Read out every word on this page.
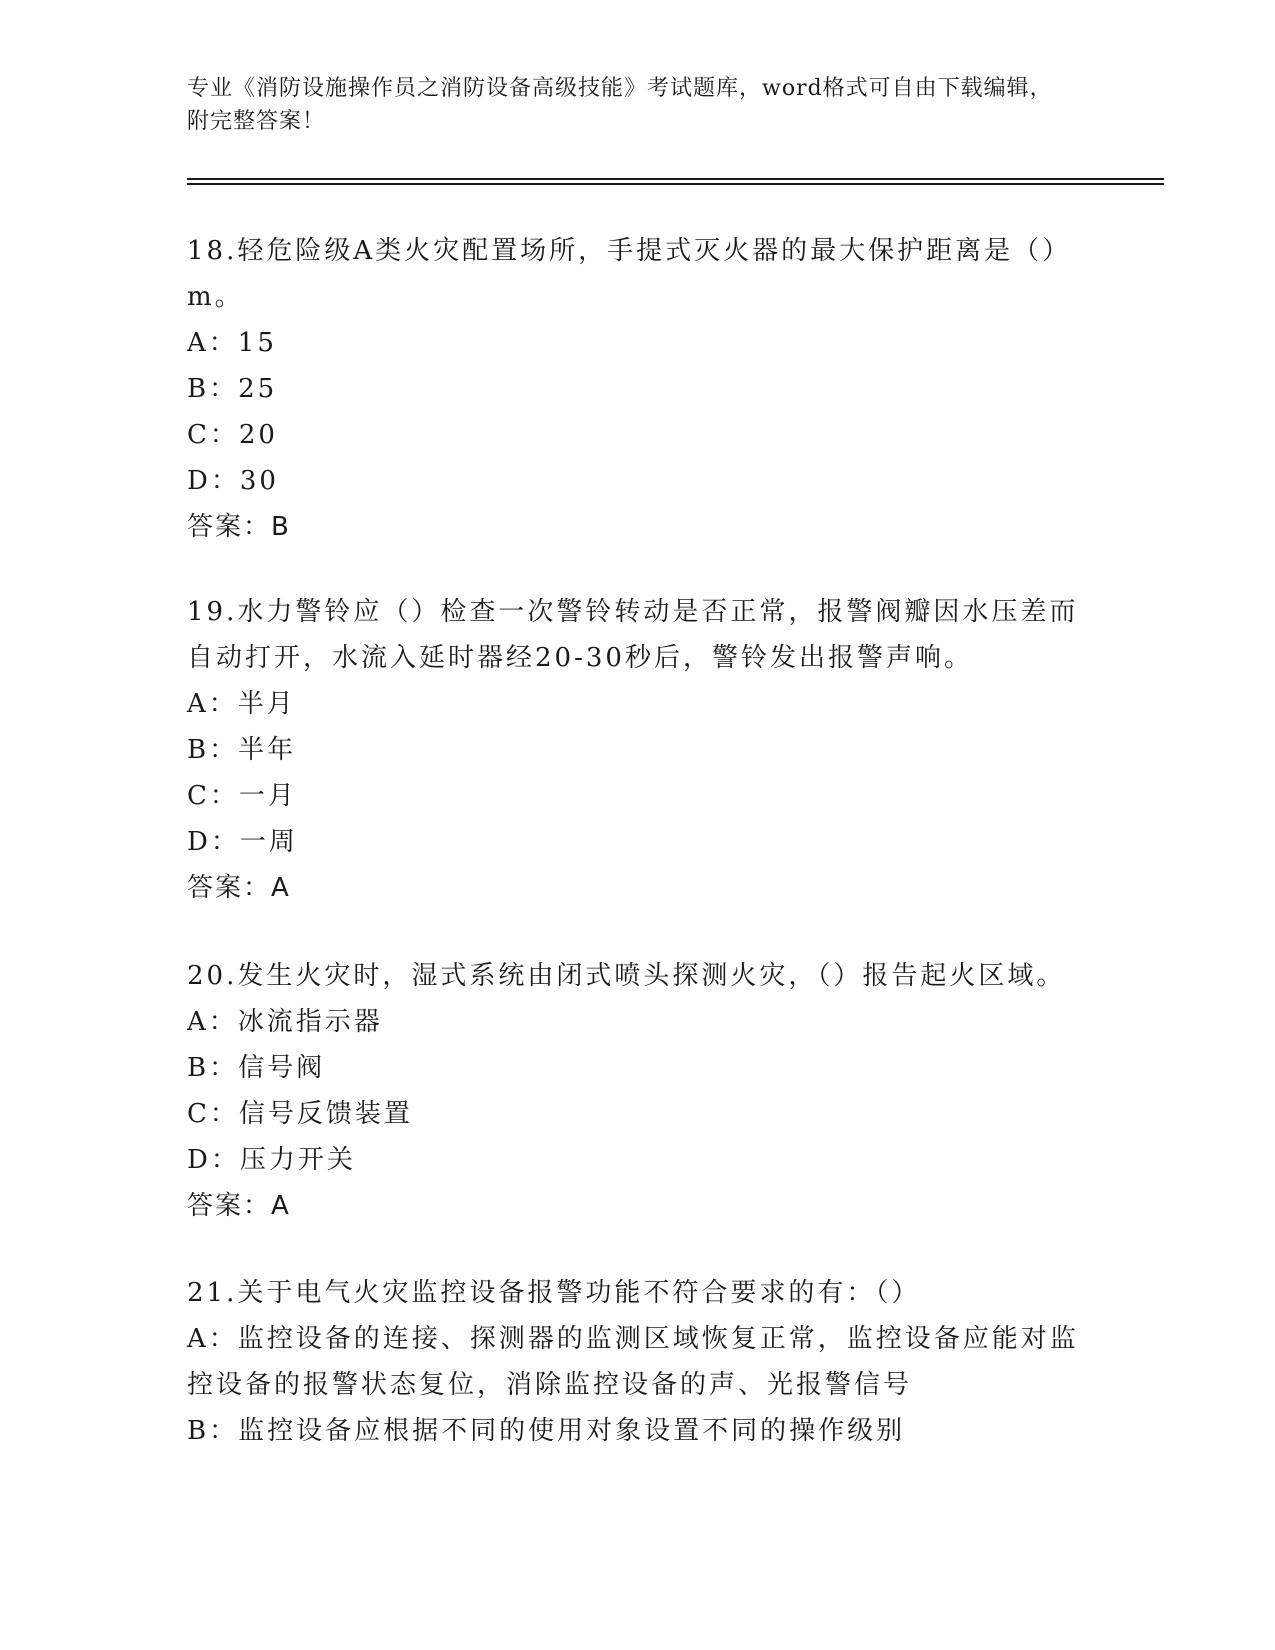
专业《消防设施操作员之消防设备高级技能》考试题库，word格式可自由下载编辑，附完整答案！
18.轻危险级A类火灾配置场所，手提式灭火器的最大保护距离是（）
m。
A：15
B：25
C：20
D：30
答案：B
19.水力警铃应（）检查一次警铃转动是否正常，报警阀瓣因水压差而
自动打开，水流入延时器经20-30秒后，警铃发出报警声响。
A：半月
B：半年
C：一月
D：一周
答案：A
20.发生火灾时，湿式系统由闭式喷头探测火灾，（）报告起火区域。
A：冰流指示器
B：信号阀
C：信号反馈装置
D：压力开关
答案：A
21.关于电气火灾监控设备报警功能不符合要求的有：（）
A：监控设备的连接、探测器的监测区域恢复正常，监控设备应能对监
控设备的报警状态复位，消除监控设备的声、光报警信号
B：监控设备应根据不同的使用对象设置不同的操作级别
